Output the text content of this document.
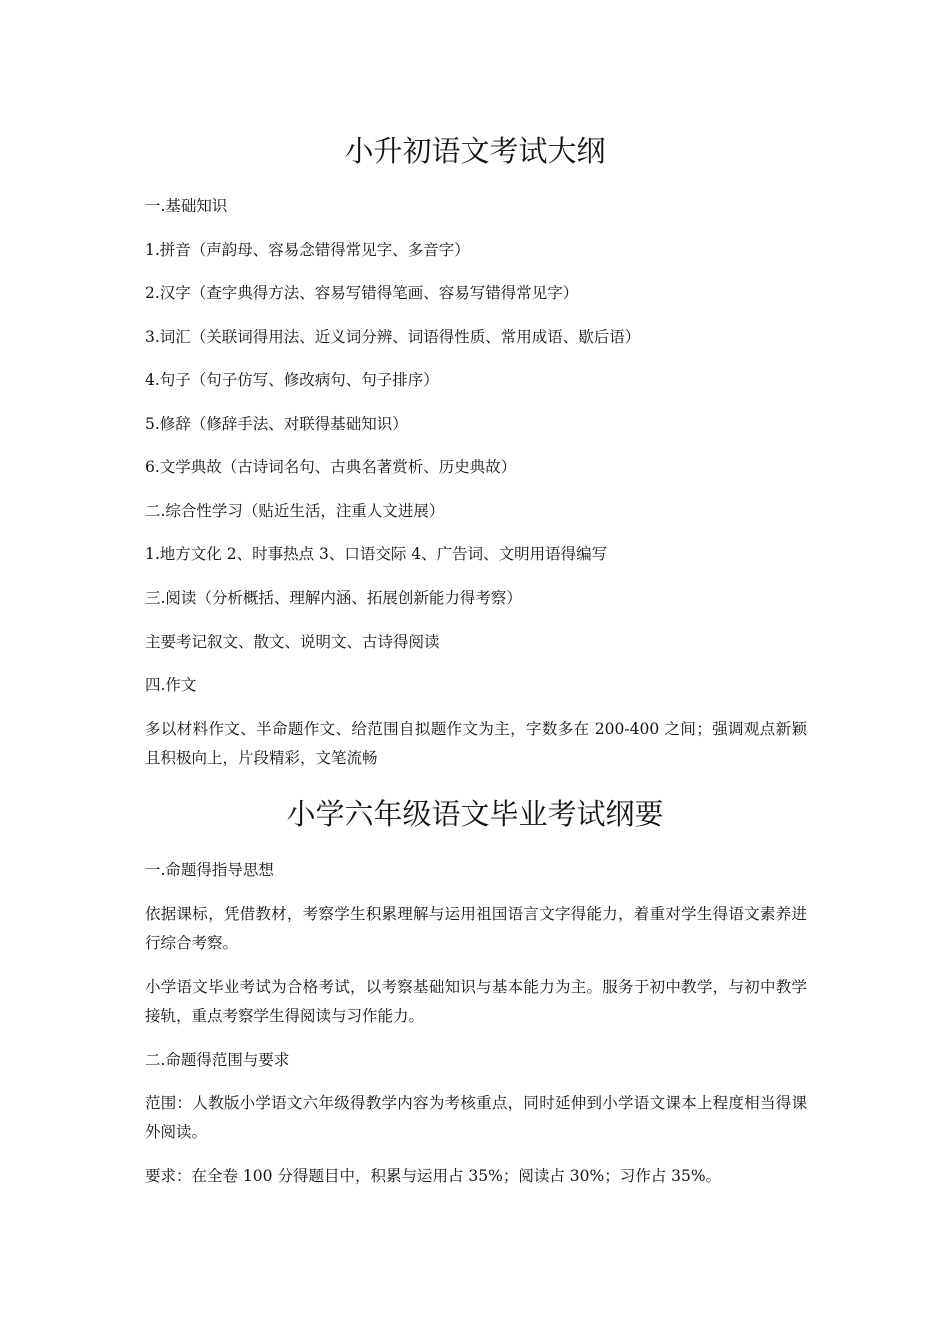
小升初语文考试大纲

一.基础知识

1.拼音（声韵母、容易念错得常见字、多音字）

2.汉字（查字典得方法、容易写错得笔画、容易写错得常见字）

3.词汇（关联词得用法、近义词分辨、词语得性质、常用成语、歇后语）

4.句子（句子仿写、修改病句、句子排序）

5.修辞（修辞手法、对联得基础知识）

6.文学典故（古诗词名句、古典名著赏析、历史典故）

二.综合性学习（贴近生活，注重人文进展）

1.地方文化 2、时事热点 3、口语交际 4、广告词、文明用语得编写

三.阅读（分析概括、理解内涵、拓展创新能力得考察）

主要考记叙文、散文、说明文、古诗得阅读

四.作文

多以材料作文、半命题作文、给范围自拟题作文为主，字数多在 200-400 之间；强调观点新颖且积极向上，片段精彩，文笔流畅

小学六年级语文毕业考试纲要

一.命题得指导思想

依据课标，凭借教材，考察学生积累理解与运用祖国语言文字得能力，着重对学生得语文素养进行综合考察。

小学语文毕业考试为合格考试，以考察基础知识与基本能力为主。服务于初中教学，与初中教学接轨，重点考察学生得阅读与习作能力。

二.命题得范围与要求

范围：人教版小学语文六年级得教学内容为考核重点，同时延伸到小学语文课本上程度相当得课外阅读。

要求：在全卷 100 分得题目中，积累与运用占 35%；阅读占 30%；习作占 35%。
